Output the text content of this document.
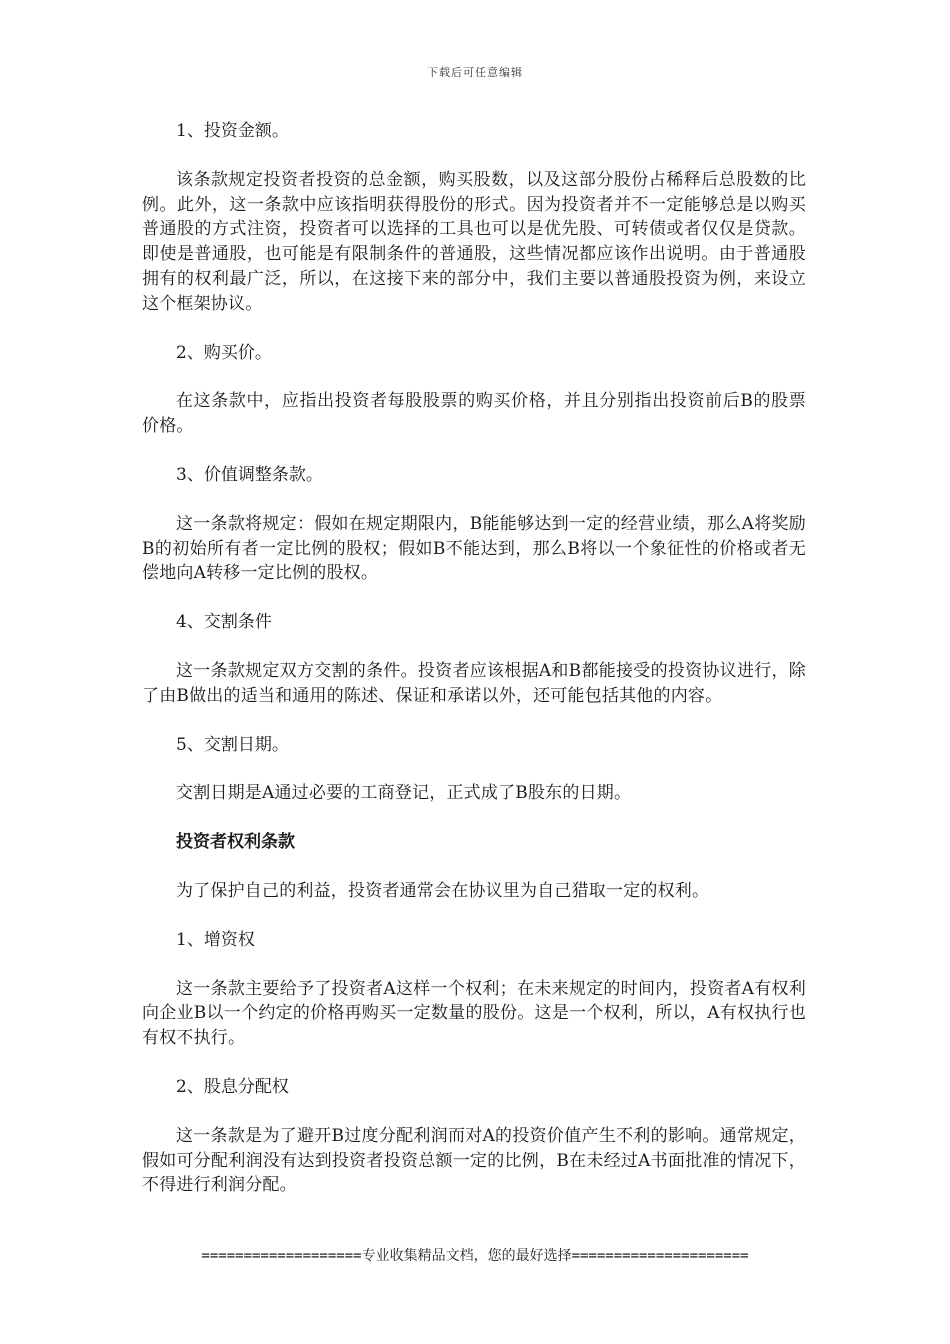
下载后可任意编辑

1、投资金额。

该条款规定投资者投资的总金额，购买股数，以及这部分股份占稀释后总股数的比例。此外，这一条款中应该指明获得股份的形式。因为投资者并不一定能够总是以购买普通股的方式注资，投资者可以选择的工具也可以是优先股、可转债或者仅仅是贷款。即使是普通股，也可能是有限制条件的普通股，这些情况都应该作出说明。由于普通股拥有的权利最广泛，所以，在这接下来的部分中，我们主要以普通股投资为例，来设立这个框架协议。

2、购买价。

在这条款中，应指出投资者每股股票的购买价格，并且分别指出投资前后B的股票价格。

3、价值调整条款。

这一条款将规定：假如在规定期限内，B能能够达到一定的经营业绩，那么A将奖励B的初始所有者一定比例的股权；假如B不能达到，那么B将以一个象征性的价格或者无偿地向A转移一定比例的股权。

4、交割条件

这一条款规定双方交割的条件。投资者应该根据A和B都能接受的投资协议进行，除了由B做出的适当和通用的陈述、保证和承诺以外，还可能包括其他的内容。

5、交割日期。

交割日期是A通过必要的工商登记，正式成了B股东的日期。

投资者权利条款

为了保护自己的利益，投资者通常会在协议里为自己猎取一定的权利。

1、增资权

这一条款主要给予了投资者A这样一个权利；在未来规定的时间内，投资者A有权利向企业B以一个约定的价格再购买一定数量的股份。这是一个权利，所以，A有权执行也有权不执行。

2、股息分配权

这一条款是为了避开B过度分配利润而对A的投资价值产生不利的影响。通常规定，假如可分配利润没有达到投资者投资总额一定的比例，B在未经过A书面批准的情况下，不得进行利润分配。

===================专业收集精品文档，您的最好选择=====================
